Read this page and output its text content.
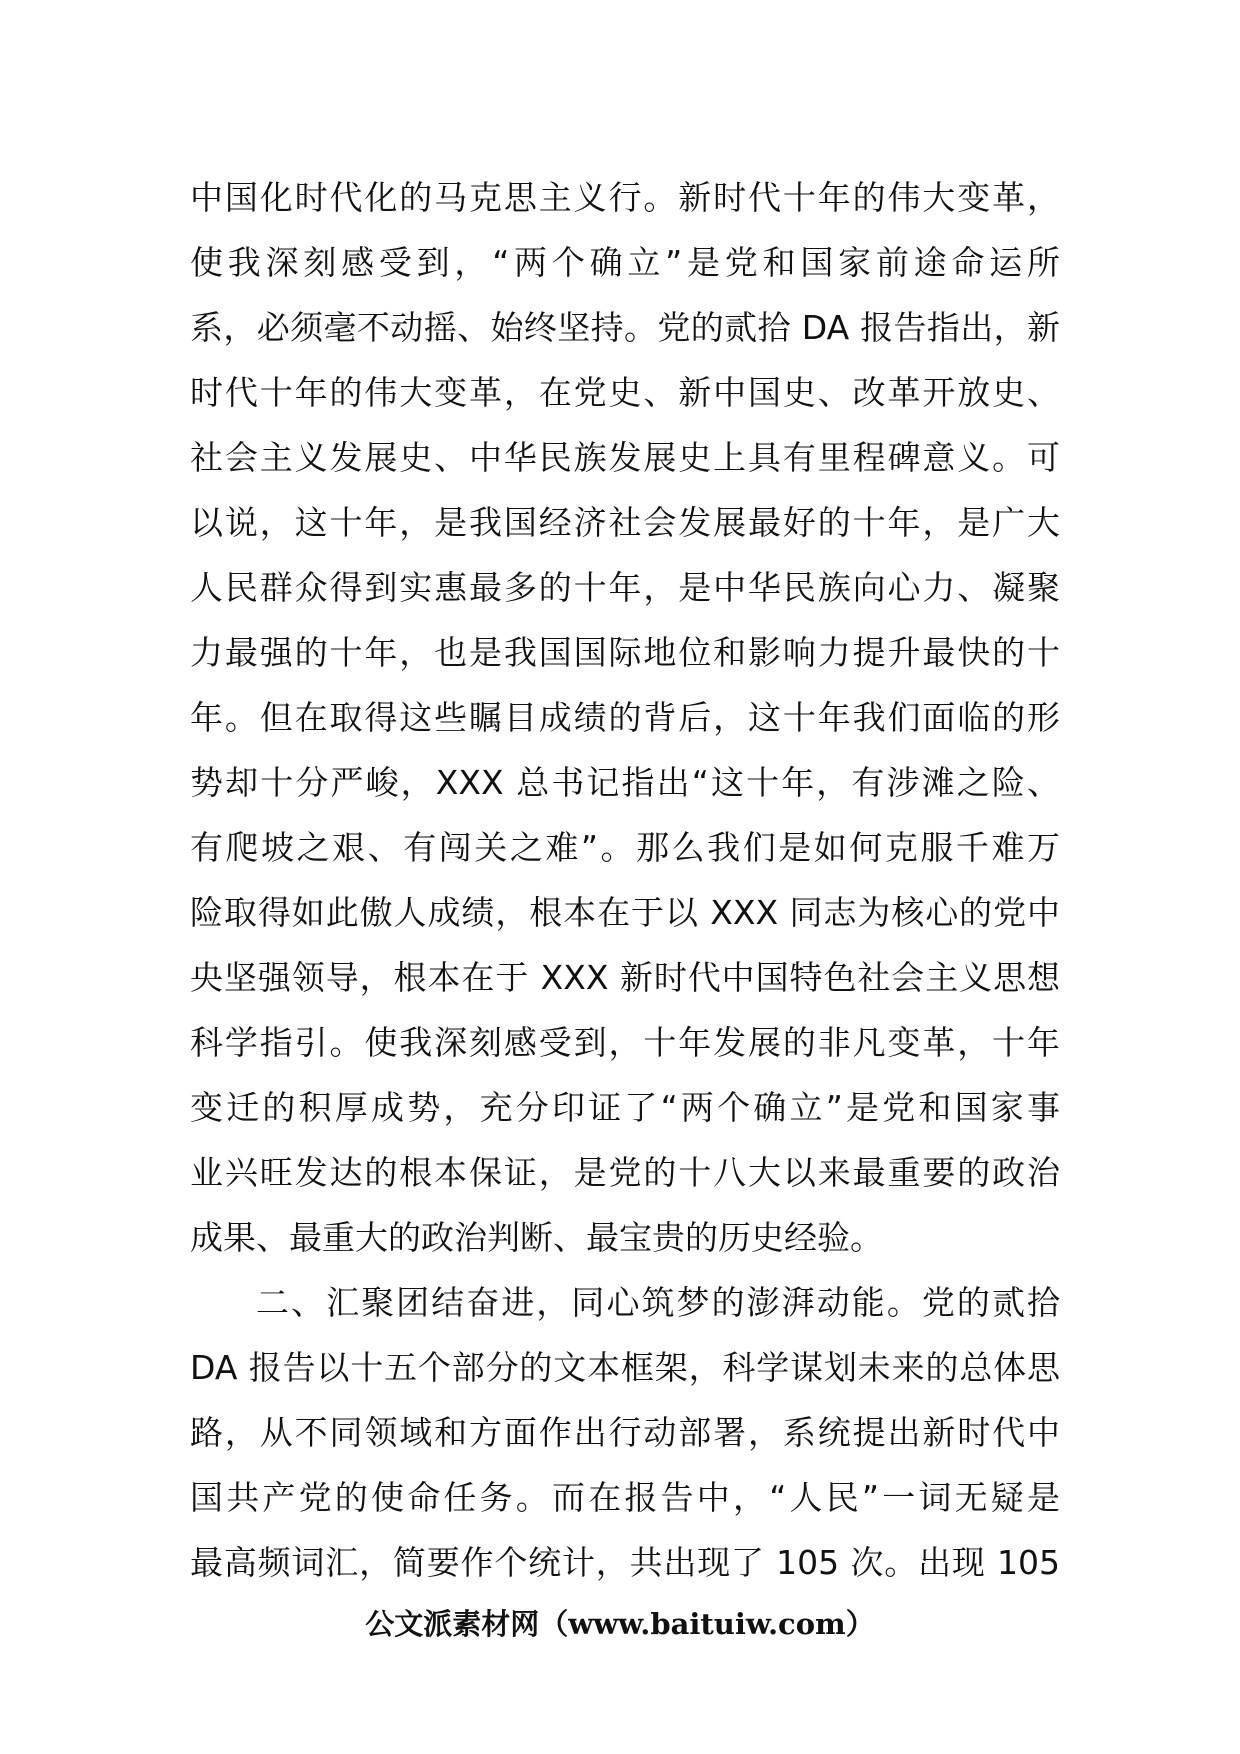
中国化时代化的马克思主义行。新时代十年的伟大变革，
使我深刻感受到，“两个确立”是党和国家前途命运所
系，必须毫不动摇、始终坚持。党的贰拾 DA 报告指出，新
时代十年的伟大变革，在党史、新中国史、改革开放史、
社会主义发展史、中华民族发展史上具有里程碑意义。可
以说，这十年，是我国经济社会发展最好的十年，是广大
人民群众得到实惠最多的十年，是中华民族向心力、凝聚
力最强的十年，也是我国国际地位和影响力提升最快的十
年。但在取得这些瞩目成绩的背后，这十年我们面临的形
势却十分严峻，XXX 总书记指出“这十年，有涉滩之险、
有爬坡之艰、有闯关之难”。那么我们是如何克服千难万
险取得如此傲人成绩，根本在于以 XXX 同志为核心的党中
央坚强领导，根本在于 XXX 新时代中国特色社会主义思想
科学指引。使我深刻感受到，十年发展的非凡变革，十年
变迁的积厚成势，充分印证了“两个确立”是党和国家事
业兴旺发达的根本保证，是党的十八大以来最重要的政治
成果、最重大的政治判断、最宝贵的历史经验。
二、汇聚团结奋进，同心筑梦的澎湃动能。党的贰拾
DA 报告以十五个部分的文本框架，科学谋划未来的总体思
路，从不同领域和方面作出行动部署，系统提出新时代中
国共产党的使命任务。而在报告中，“人民”一词无疑是
最高频词汇，简要作个统计，共出现了 105 次。出现 105
公文派素材网（www.baituiw.com）
